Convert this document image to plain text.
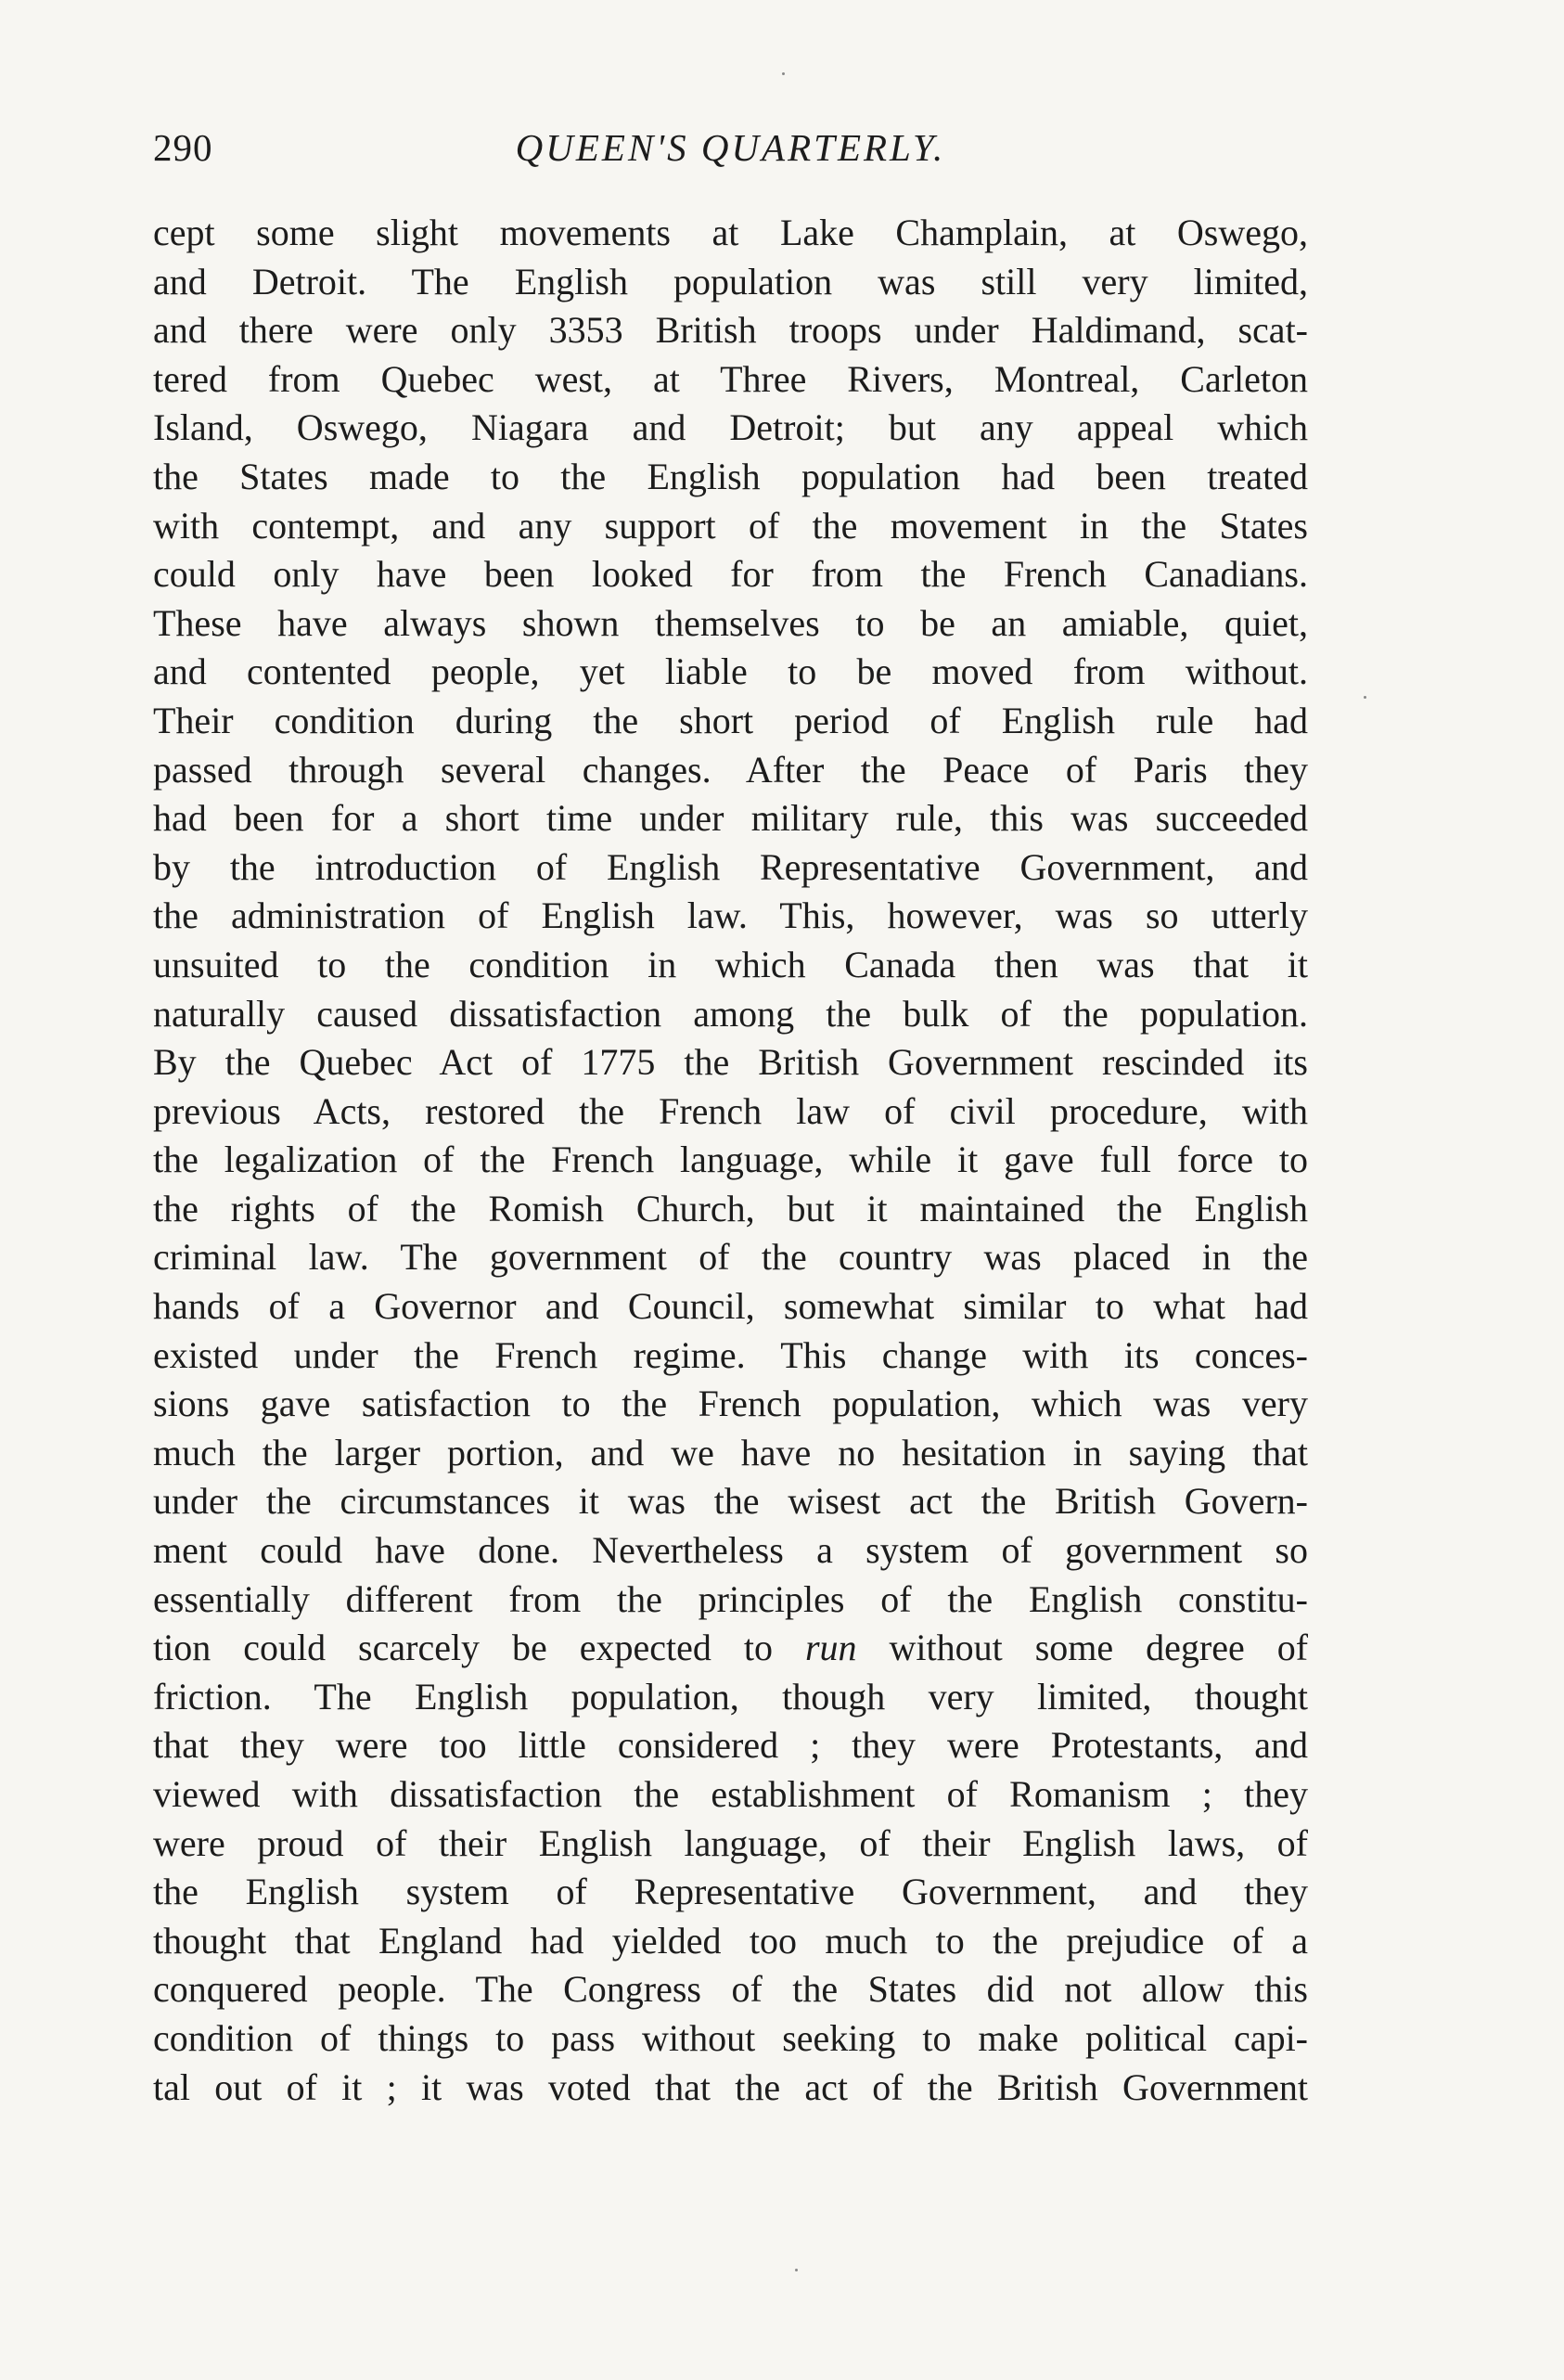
290	QUEEN'S QUARTERLY.
cept some slight movements at Lake Champlain, at Oswego,
and Detroit. The English population was still very limited,
and there were only 3353 British troops under Haldimand, scat-
tered from Quebec west, at Three Rivers, Montreal, Carleton
Island, Oswego, Niagara and Detroit; but any appeal which
the States made to the English population had been treated
with contempt, and any support of the movement in the States
could only have been looked for from the French Canadians.
These have always shown themselves to be an amiable, quiet,
and contented people, yet liable to be moved from without.
Their condition during the short period of English rule had
passed through several changes. After the Peace of Paris they
had been for a short time under military rule, this was succeeded
by the introduction of English Representative Government, and
the administration of English law. This, however, was so utterly
unsuited to the condition in which Canada then was that it
naturally caused dissatisfaction among the bulk of the population.
By the Quebec Act of 1775 the British Government rescinded its
previous Acts, restored the French law of civil procedure, with
the legalization of the French language, while it gave full force to
the rights of the Romish Church, but it maintained the English
criminal law. The government of the country was placed in the
hands of a Governor and Council, somewhat similar to what had
existed under the French regime. This change with its conces-
sions gave satisfaction to the French population, which was very
much the larger portion, and we have no hesitation in saying that
under the circumstances it was the wisest act the British Govern-
ment could have done. Nevertheless a system of government so
essentially different from the principles of the English constitu-
tion could scarcely be expected to run without some degree of
friction. The English population, though very limited, thought
that they were too little considered ; they were Protestants, and
viewed with dissatisfaction the establishment of Romanism ; they
were proud of their English language, of their English laws, of
the English system of Representative Government, and they
thought that England had yielded too much to the prejudice of a
conquered people. The Congress of the States did not allow this
condition of things to pass without seeking to make political capi-
tal out of it ; it was voted that the act of the British Government
